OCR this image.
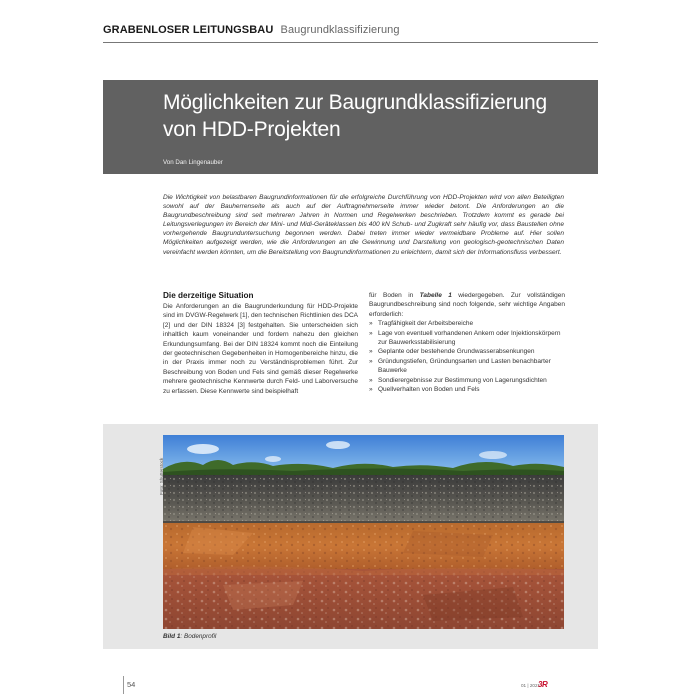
GRABENLOSER LEITUNGSBAU Baugrundklassifizierung
Möglichkeiten zur Baugrundklassifizierung
von HDD-Projekten
Von Dan Lingenauber

Die Wichtigkeit von belastbaren Baugrundinformationen für die erfolgreiche Durchführung von HDD-Projekten wird von allen Beteiligten sowohl auf der Bauherrenseite als auch auf der Auftragnehmerseite immer wieder betont. Die Anforderungen an die Baugrundbeschreibung sind seit mehreren Jahren in Normen und Regelwerken beschrieben. Trotzdem kommt es gerade bei Leitungsverlegungen im Bereich der Mini- und Midi-Geräteklassen bis 400 kN Schub- und Zugkraft sehr häufig vor, dass Baustellen ohne vorhergehende Baugrunduntersuchung begonnen werden. Dabei treten immer wieder vermeidbare Probleme auf. Hier sollen Möglichkeiten aufgezeigt werden, wie die Anforderungen an die Gewinnung und Darstellung von geologisch-geotechnischen Daten vereinfacht werden könnten, um die Bereitstellung von Baugrundinformationen zu erleichtern, damit sich der Informationsfluss verbessert.

Die derzeitige Situation

Die Anforderungen an die Baugrunderkundung für HDD-Projekte sind im DVGW-Regelwerk [1], den technischen Richtlinien des DCA [2] und der DIN 18324 [3] festgehalten. Sie unterscheiden sich inhaltlich kaum voneinander und fordern nahezu den gleichen Erkundungsumfang. Bei der DIN 18324 kommt noch die Einteilung der geotechnischen Gegebenheiten in Homogenbereiche hinzu, die in der Praxis immer noch zu Verständnisproblemen führt. Zur Beschreibung von Boden und Fels sind gemäß dieser Regelwerke mehrere geotechnische Kennwerte durch Feld- und Laborversuche zu erfassen. Diese Kennwerte sind beispielhaft

für Boden in Tabelle 1 wiedergegeben. Zur vollständigen Baugrundbeschreibung sind noch folgende, sehr wichtige Angaben erforderlich:

» Tragfähigkeit der Arbeitsbereiche
» Lage von eventuell vorhandenen Ankern oder Injektionskörpern zur Bauwerksstabilisierung
» Geplante oder bestehende Grundwasserabsenkungen
» Gründungstiefen, Gründungsarten und Lasten benachbarter Bauwerke
» Sondierergebnisse zur Bestimmung von Lagerungsdichten
» Quellverhalten von Boden und Fels
Foto: Shutterstock
Bild 1: Bodenprofil
54	01 | 2021
3R
